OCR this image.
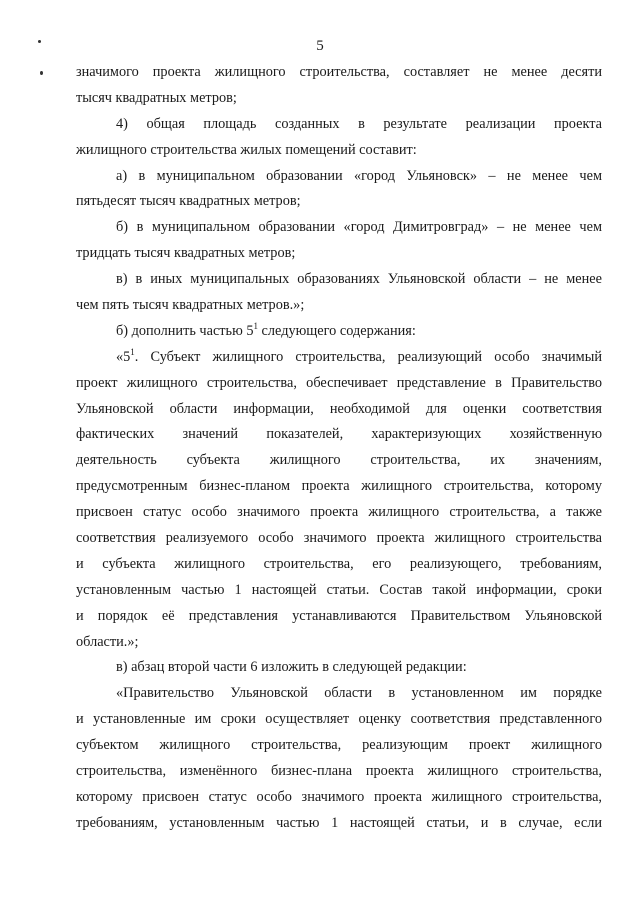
5
значимого проекта жилищного строительства, составляет не менее десяти
тысяч квадратных метров;
4) общая площадь созданных в результате реализации проекта
жилищного строительства жилых помещений составит:
а) в муниципальном образовании «город Ульяновск» – не менее чем
пятьдесят тысяч квадратных метров;
б) в муниципальном образовании «город Димитровград» – не менее чем
тридцать тысяч квадратных метров;
в) в иных муниципальных образованиях Ульяновской области – не менее
чем пять тысяч квадратных метров.»;
б) дополнить частью $5^1$ следующего содержания:
«$5^1$. Субъект жилищного строительства, реализующий особо значимый
проект жилищного строительства, обеспечивает представление в Правительство
Ульяновской области информации, необходимой для оценки соответствия
фактических значений показателей, характеризующих хозяйственную
деятельность субъекта жилищного строительства, их значениям,
предусмотренным бизнес-планом проекта жилищного строительства, которому
присвоен статус особо значимого проекта жилищного строительства, а также
соответствия реализуемого особо значимого проекта жилищного строительства
и субъекта жилищного строительства, его реализующего, требованиям,
установленным частью 1 настоящей статьи. Состав такой информации, сроки
и порядок её представления устанавливаются Правительством Ульяновской
области.»;
в) абзац второй части 6 изложить в следующей редакции:
«Правительство Ульяновской области в установленном им порядке
и установленные им сроки осуществляет оценку соответствия представленного
субъектом жилищного строительства, реализующим проект жилищного
строительства, изменённого бизнес-плана проекта жилищного строительства,
которому присвоен статус особо значимого проекта жилищного строительства,
требованиям, установленным частью 1 настоящей статьи, и в случае, если
